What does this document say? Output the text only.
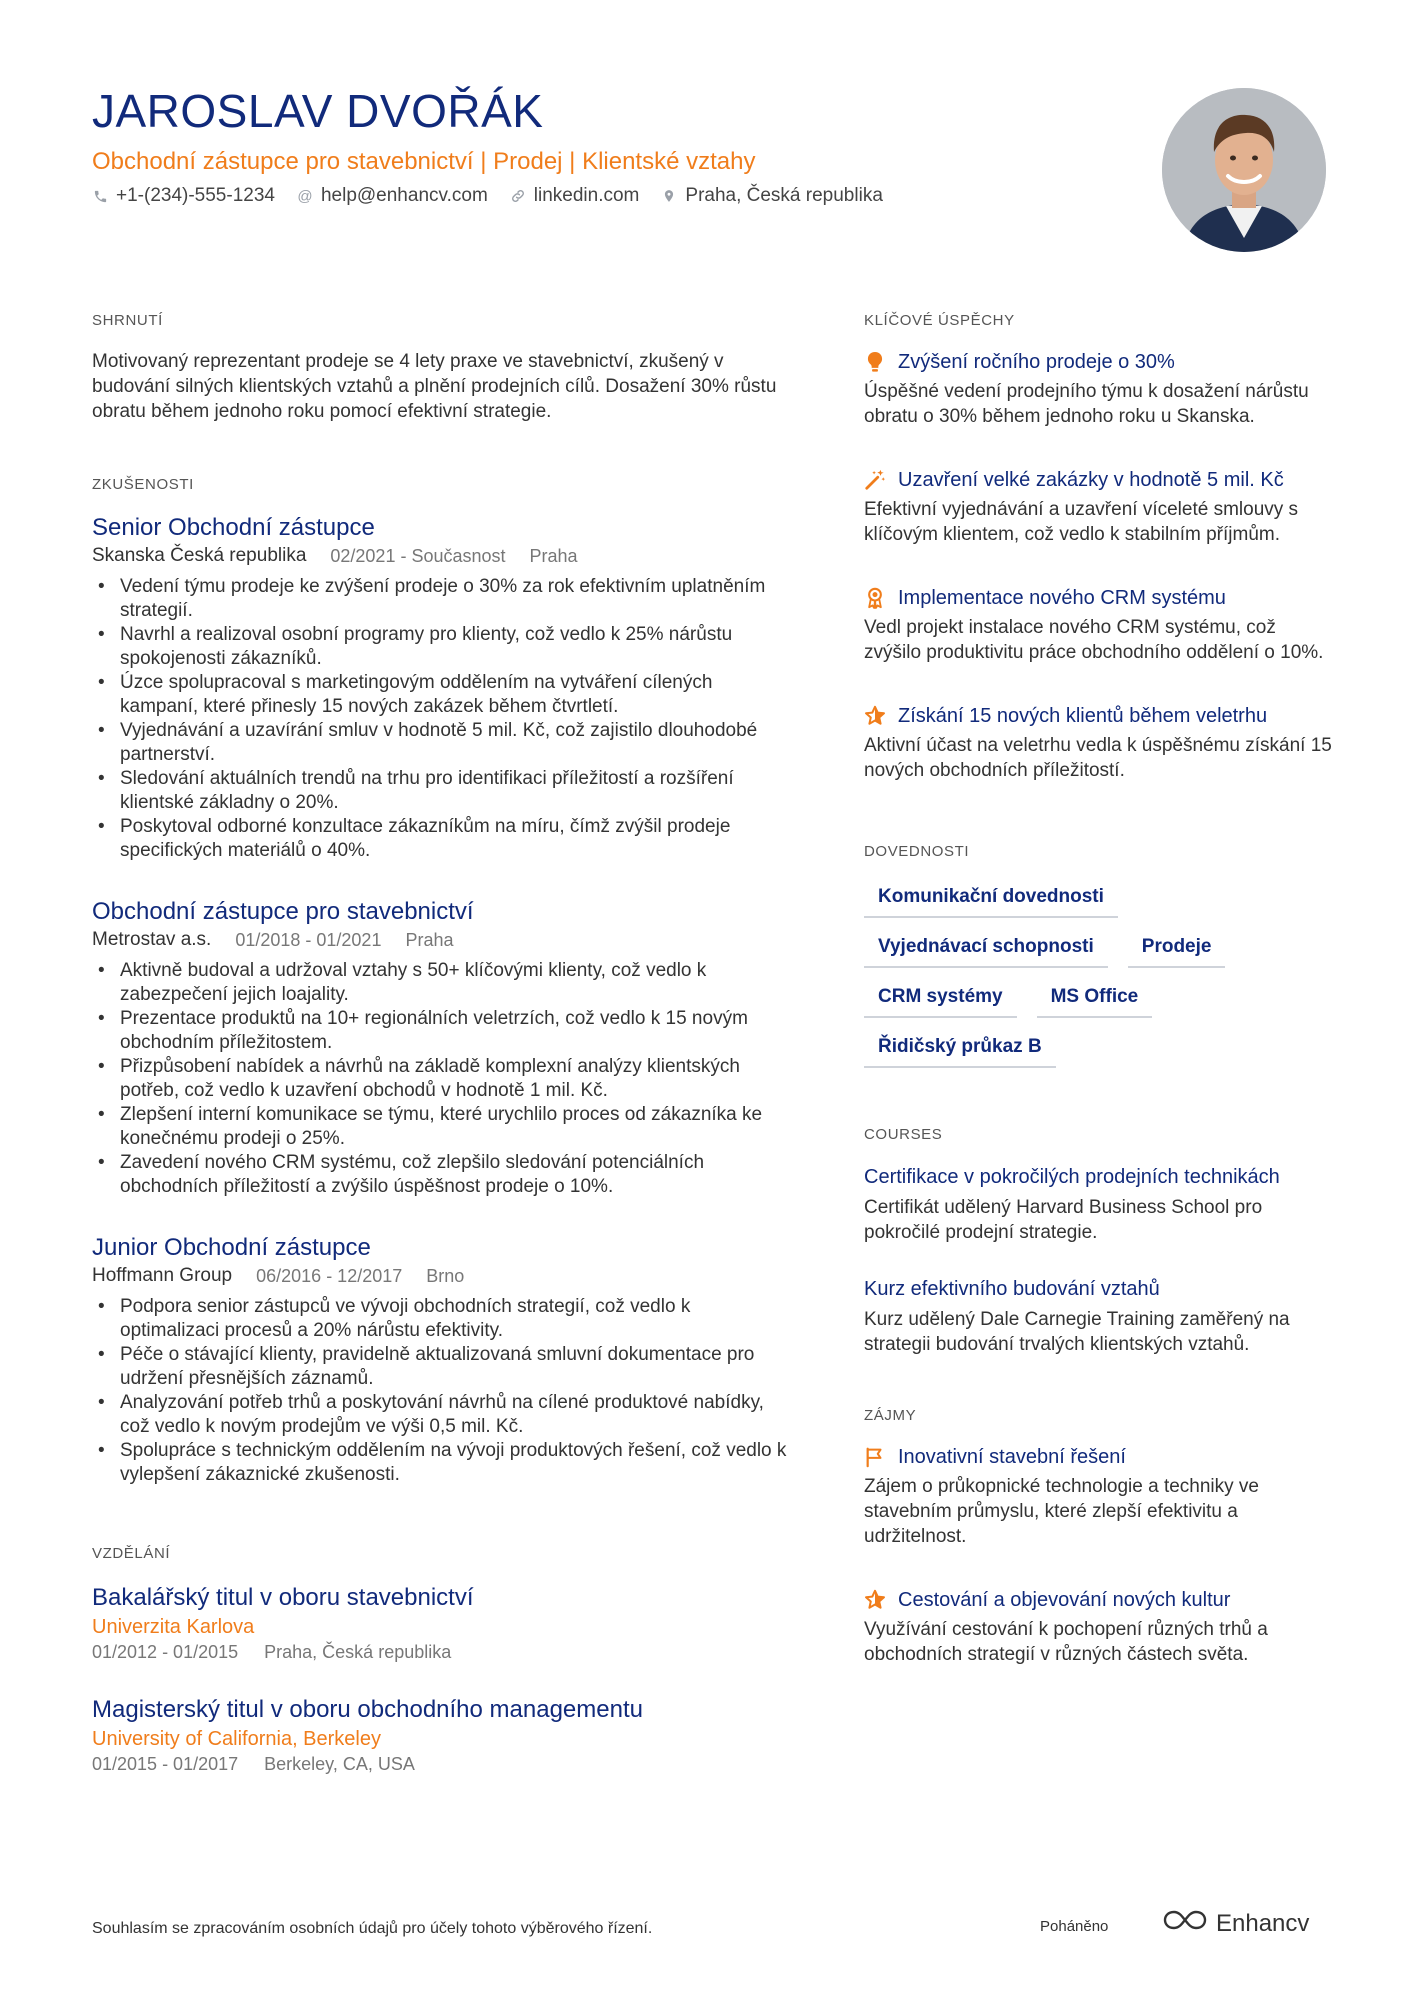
JAROSLAV DVOŘÁK
Obchodní zástupce pro stavebnictví | Prodej | Klientské vztahy
+1-(234)-555-1234 @ help@enhancv.com linkedin.com Praha, Česká republika
SHRNUTÍ

Motivovaný reprezentant prodeje se 4 lety praxe ve stavebnictví, zkušený v budování silných klientských vztahů a plnění prodejních cílů. Dosažení 30% růstu obratu během jednoho roku pomocí efektivní strategie.

ZKUŠENOSTI
Senior Obchodní zástupce
Skanska Česká republika 02/2021 - Současnost Praha
• Vedení týmu prodeje ke zvýšení prodeje o 30% za rok efektivním uplatněním strategií.
• Navrhl a realizoval osobní programy pro klienty, což vedlo k 25% nárůstu spokojenosti zákazníků.
• Úzce spolupracoval s marketingovým oddělením na vytváření cílených kampaní, které přinesly 15 nových zakázek během čtvrtletí.
• Vyjednávání a uzavírání smluv v hodnotě 5 mil. Kč, což zajistilo dlouhodobé partnerství.
• Sledování aktuálních trendů na trhu pro identifikaci příležitostí a rozšíření klientské základny o 20%.
• Poskytoval odborné konzultace zákazníkům na míru, čímž zvýšil prodeje specifických materiálů o 40%.
Obchodní zástupce pro stavebnictví
Metrostav a.s. 01/2018 - 01/2021 Praha
• Aktivně budoval a udržoval vztahy s 50+ klíčovými klienty, což vedlo k zabezpečení jejich loajality.
• Prezentace produktů na 10+ regionálních veletrzích, což vedlo k 15 novým obchodním příležitostem.
• Přizpůsobení nabídek a návrhů na základě komplexní analýzy klientských potřeb, což vedlo k uzavření obchodů v hodnotě 1 mil. Kč.
• Zlepšení interní komunikace se týmu, které urychlilo proces od zákazníka ke konečnému prodeji o 25%.
• Zavedení nového CRM systému, což zlepšilo sledování potenciálních obchodních příležitostí a zvýšilo úspěšnost prodeje o 10%.
Junior Obchodní zástupce
Hoffmann Group 06/2016 - 12/2017 Brno
• Podpora senior zástupců ve vývoji obchodních strategií, což vedlo k optimalizaci procesů a 20% nárůstu efektivity.
• Péče o stávající klienty, pravidelně aktualizovaná smluvní dokumentace pro udržení přesnějších záznamů.
• Analyzování potřeb trhů a poskytování návrhů na cílené produktové nabídky, což vedlo k novým prodejům ve výši 0,5 mil. Kč.
• Spolupráce s technickým oddělením na vývoji produktových řešení, což vedlo k vylepšení zákaznické zkušenosti.
VZDĚLÁNÍ
Bakalářský titul v oboru stavebnictví
Univerzita Karlova
01/2012 - 01/2015 Praha, Česká republika
Magisterský titul v oboru obchodního managementu
University of California, Berkeley
01/2015 - 01/2017 Berkeley, CA, USA
KLÍČOVÉ ÚSPĚCHY
Zvýšení ročního prodeje o 30%
Úspěšné vedení prodejního týmu k dosažení nárůstu obratu o 30% během jednoho roku u Skanska.
Uzavření velké zakázky v hodnotě 5 mil. Kč
Efektivní vyjednávání a uzavření víceleté smlouvy s klíčovým klientem, což vedlo k stabilním příjmům.
Implementace nového CRM systému
Vedl projekt instalace nového CRM systému, což zvýšilo produktivitu práce obchodního oddělení o 10%.
Získání 15 nových klientů během veletrhu
Aktivní účast na veletrhu vedla k úspěšnému získání 15 nových obchodních příležitostí.
DOVEDNOSTI
Komunikační dovednosti
Vyjednávací schopnosti	Prodeje
CRM systémy	MS Office
Řidičský průkaz B
COURSES
Certifikace v pokročilých prodejních technikách
Certifikát udělený Harvard Business School pro pokročilé prodejní strategie.
Kurz efektivního budování vztahů
Kurz udělený Dale Carnegie Training zaměřený na strategii budování trvalých klientských vztahů.
ZÁJMY
Inovativní stavební řešení
Zájem o průkopnické technologie a techniky ve stavebním průmyslu, které zlepší efektivitu a udržitelnost.
Cestování a objevování nových kultur
Využívání cestování k pochopení různých trhů a obchodních strategií v různých částech světa.
Souhlasím se zpracováním osobních údajů pro účely tohoto výběrového řízení.	Poháněno	Enhancv
